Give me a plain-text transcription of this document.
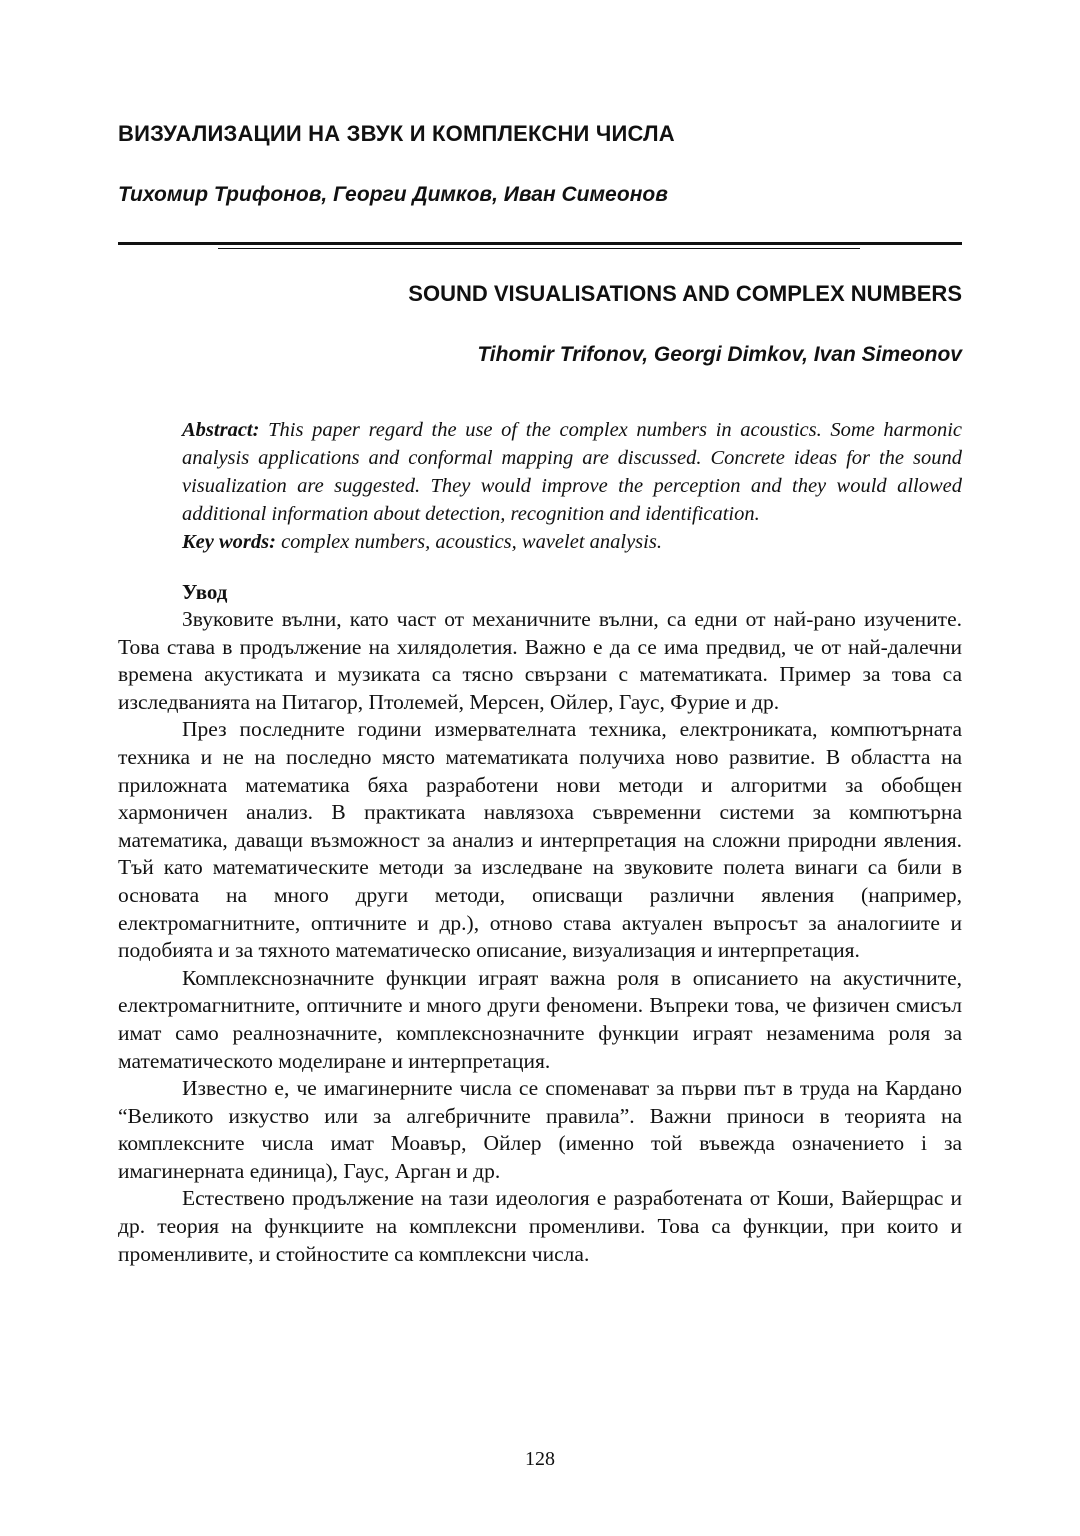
ВИЗУАЛИЗАЦИИ НА ЗВУК И КОМПЛЕКСНИ ЧИСЛА
Тихомир Трифонов, Георги Димков, Иван Симеонов
SOUND VISUALISATIONS AND COMPLEX NUMBERS
Tihomir Trifonov, Georgi Dimkov, Ivan Simeonov
Abstract: This paper regard the use of the complex numbers in acoustics. Some harmonic analysis applications and conformal mapping are discussed. Concrete ideas for the sound visualization are suggested. They would improve the perception and they would allowed additional information about detection, recognition and identification.
Key words: complex numbers, acoustics, wavelet analysis.
Увод

Звуковите вълни, като част от механичните вълни, са едни от най-рано изучените. Това става в продължение на хилядолетия. Важно е да се има предвид, че от най-далечни времена акустиката и музиката са тясно свързани с математиката. Пример за това са изследванията на Питагор, Птолемей, Мерсен, Ойлер, Гаус, Фурие и др.

През последните години измервателната техника, електрониката, компютърната техника и не на последно място математиката получиха ново развитие. В областта на приложната математика бяха разработени нови методи и алгоритми за обобщен хармоничен анализ. В практиката навлязоха съвременни системи за компютърна математика, даващи възможност за анализ и интерпретация на сложни природни явления. Тъй като математическите методи за изследване на звуковите полета винаги са били в основата на много други методи, описващи различни явления (например, електромагнитните, оптичните и др.), отново става актуален въпросът за аналогиите и подобията и за тяхното математическо описание, визуализация и интерпретация.

Комплекснозначните функции играят важна роля в описанието на акустичните, електромагнитните, оптичните и много други феномени. Въпреки това, че физичен смисъл имат само реалнозначните, комплекснозначните функции играят незаменима роля за математическото моделиране и интерпретация.

Известно е, че имагинерните числа се споменават за първи път в труда на Кардано “Великото изкуство или за алгебричните правила”. Важни приноси в теорията на комплексните числа имат Моавър, Ойлер (именно той въвежда означението i за имагинерната единица), Гаус, Арган и др.

Естествено продължение на тази идеология е разработената от Коши, Вайерщрас и др. теория на функциите на комплексни променливи. Това са функции, при които и променливите, и стойностите са комплексни числа.

128
